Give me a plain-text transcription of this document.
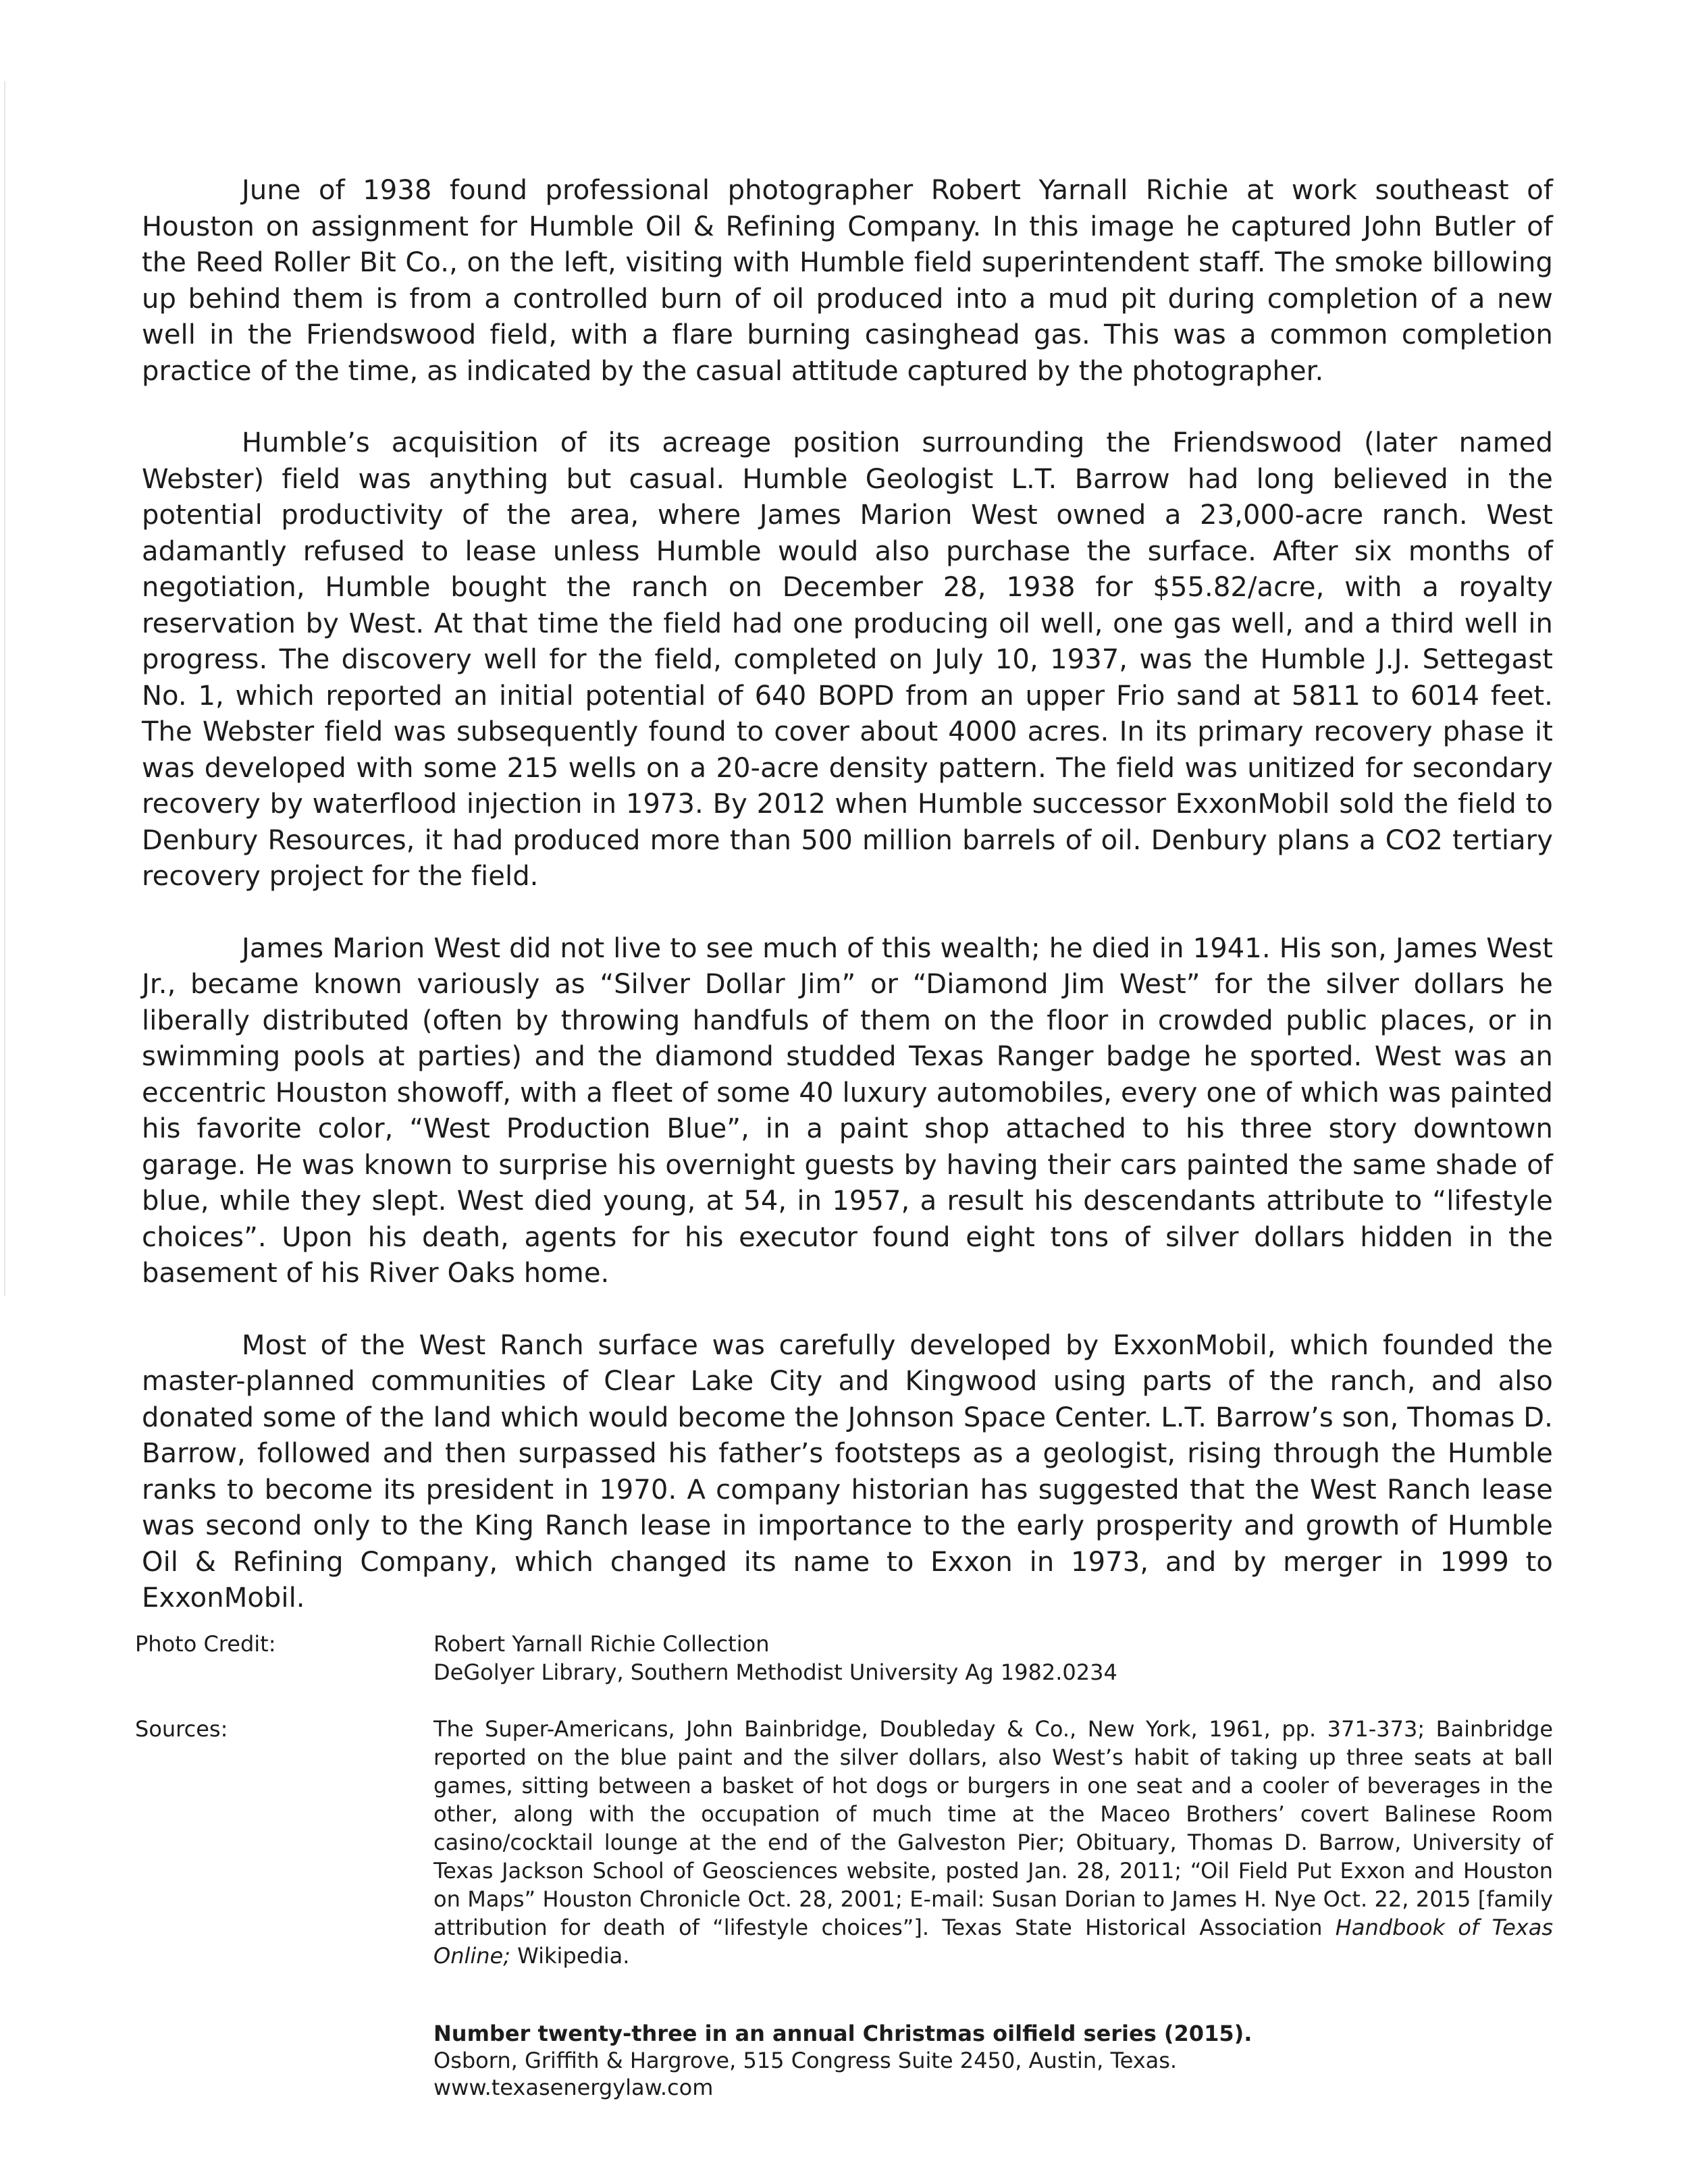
June of 1938 found professional photographer Robert Yarnall Richie at work southeast of Houston on assignment for Humble Oil & Refining Company. In this image he captured John Butler of the Reed Roller Bit Co., on the left, visiting with Humble field superintendent staff. The smoke billowing up behind them is from a controlled burn of oil produced into a mud pit during completion of a new well in the Friendswood field, with a flare burning casinghead gas. This was a common completion practice of the time, as indicated by the casual attitude captured by the photographer.

Humble’s acquisition of its acreage position surrounding the Friendswood (later named Webster) field was anything but casual. Humble Geologist L.T. Barrow had long believed in the potential productivity of the area, where James Marion West owned a 23,000-acre ranch. West adamantly refused to lease unless Humble would also purchase the surface. After six months of negotiation, Humble bought the ranch on December 28, 1938 for $55.82/acre, with a royalty reservation by West. At that time the field had one producing oil well, one gas well, and a third well in progress. The discovery well for the field, completed on July 10, 1937, was the Humble J.J. Settegast No. 1, which reported an initial potential of 640 BOPD from an upper Frio sand at 5811 to 6014 feet. The Webster field was subsequently found to cover about 4000 acres. In its primary recovery phase it was developed with some 215 wells on a 20-acre density pattern. The field was unitized for secondary recovery by waterflood injection in 1973. By 2012 when Humble successor ExxonMobil sold the field to Denbury Resources, it had produced more than 500 million barrels of oil. Denbury plans a CO2 tertiary recovery project for the field.

James Marion West did not live to see much of this wealth; he died in 1941. His son, James West Jr., became known variously as “Silver Dollar Jim” or “Diamond Jim West” for the silver dollars he liberally distributed (often by throwing handfuls of them on the floor in crowded public places, or in swimming pools at parties) and the diamond studded Texas Ranger badge he sported. West was an eccentric Houston showoff, with a fleet of some 40 luxury automobiles, every one of which was painted his favorite color, “West Production Blue”, in a paint shop attached to his three story downtown garage. He was known to surprise his overnight guests by having their cars painted the same shade of blue, while they slept. West died young, at 54, in 1957, a result his descendants attribute to “lifestyle choices”. Upon his death, agents for his executor found eight tons of silver dollars hidden in the basement of his River Oaks home.

Most of the West Ranch surface was carefully developed by ExxonMobil, which founded the master-planned communities of Clear Lake City and Kingwood using parts of the ranch, and also donated some of the land which would become the Johnson Space Center. L.T. Barrow’s son, Thomas D. Barrow, followed and then surpassed his father’s footsteps as a geologist, rising through the Humble ranks to become its president in 1970. A company historian has suggested that the West Ranch lease was second only to the King Ranch lease in importance to the early prosperity and growth of Humble Oil & Refining Company, which changed its name to Exxon in 1973, and by merger in 1999 to ExxonMobil.

Photo Credit:	Robert Yarnall Richie Collection
DeGolyer Library, Southern Methodist University Ag 1982.0234
Sources:	The Super-Americans, John Bainbridge, Doubleday & Co., New York, 1961, pp. 371-373; Bainbridge reported on the blue paint and the silver dollars, also West’s habit of taking up three seats at ball games, sitting between a basket of hot dogs or burgers in one seat and a cooler of beverages in the other, along with the occupation of much time at the Maceo Brothers’ covert Balinese Room casino/cocktail lounge at the end of the Galveston Pier; Obituary, Thomas D. Barrow, University of Texas Jackson School of Geosciences website, posted Jan. 28, 2011; “Oil Field Put Exxon and Houston on Maps” Houston Chronicle Oct. 28, 2001; E-mail: Susan Dorian to James H. Nye Oct. 22, 2015 [family attribution for death of “lifestyle choices”]. Texas State Historical Association Handbook of Texas Online; Wikipedia.
Number twenty-three in an annual Christmas oilfield series (2015).
Osborn, Griffith & Hargrove, 515 Congress Suite 2450, Austin, Texas.
www.texasenergylaw.com
